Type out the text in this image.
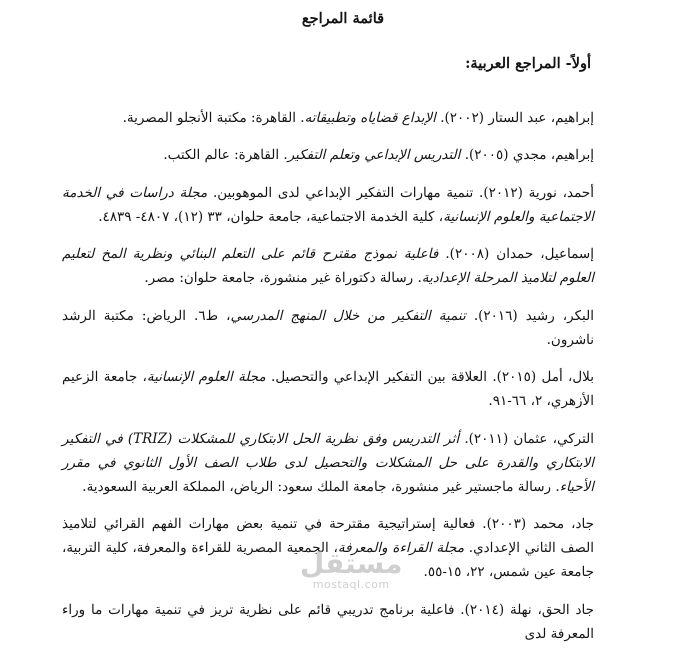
قائمة المراجع
أولاً- المراجع العربية:

إبراهيم، عبد الستار (٢٠٠٢). الإبداع قضاياه وتطبيقاته. القاهرة: مكتبة الأنجلو المصرية.

إبراهيم، مجدي (٢٠٠٥). التدريس الإبداعي وتعلم التفكير. القاهرة: عالم الكتب.

أحمد، نورية (٢٠١٢). تنمية مهارات التفكير الإبداعي لدى الموهوبين. مجلة دراسات في الخدمة الاجتماعية والعلوم الإنسانية، كلية الخدمة الاجتماعية، جامعة حلوان، ٣٣ (١٢)، ٤٨٠٧- ٤٨٣٩.

إسماعيل، حمدان (٢٠٠٨). فاعلية نموذج مقترح قائم على التعلم البنائي ونظرية المخ لتعليم العلوم لتلاميذ المرحلة الإعدادية. رسالة دكتوراة غير منشورة، جامعة حلوان: مصر.

البكر، رشيد (٢٠١٦). تنمية التفكير من خلال المنهج المدرسي، ط٦. الرياض: مكتبة الرشد ناشرون.

بلال، أمل (٢٠١٥). العلاقة بين التفكير الإبداعي والتحصيل. مجلة العلوم الإنسانية، جامعة الزعيم الأزهري، ٢، ٦٦-٩١.

التركي، عثمان (٢٠١١). أثر التدريس وفق نظرية الحل الابتكاري للمشكلات (TRIZ) في التفكير الابتكاري والقدرة على حل المشكلات والتحصيل لدى طلاب الصف الأول الثانوي في مقرر الأحياء. رسالة ماجستير غير منشورة، جامعة الملك سعود: الرياض، المملكة العربية السعودية.

جاد، محمد (٢٠٠٣). فعالية إستراتيجية مقترحة في تنمية بعض مهارات الفهم القرائي لتلاميذ الصف الثاني الإعدادي. مجلة القراءة والمعرفة، الجمعية المصرية للقراءة والمعرفة، كلية التربية، جامعة عين شمس، ٢٢، ١٥-٥٥.

جاد الحق، نهلة (٢٠١٤). فاعلية برنامج تدريبي قائم على نظرية تريز في تنمية مهارات ما وراء المعرفة لدى

مستقل
mostaql.com
